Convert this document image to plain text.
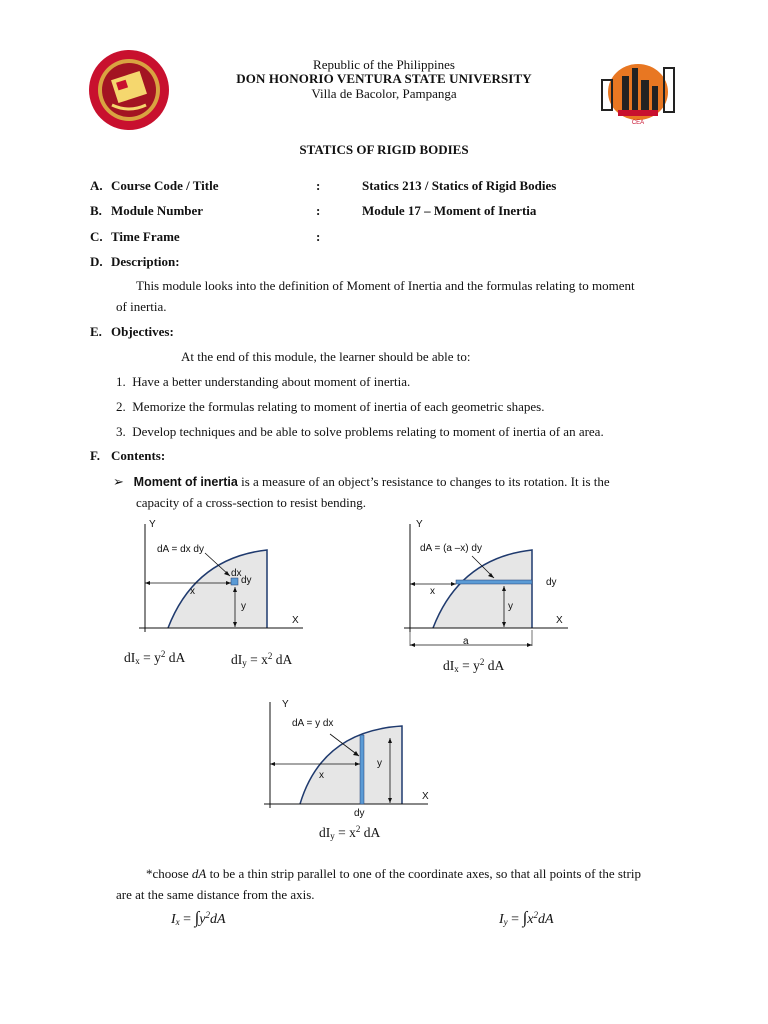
CEA
Republic of the Philippines
DON HONORIO VENTURA STATE UNIVERSITY
Villa de Bacolor, Pampanga
STATICS OF RIGID BODIES
A. Course Code / Title	:	Statics 213 / Statics of Rigid Bodies
B. Module Number	:	Module 17 – Moment of Inertia
C. Time Frame	:
D. Description:
This module looks into the definition of Moment of Inertia and the formulas relating to moment
of inertia.
E. Objectives:
At the end of this module, the learner should be able to:
1. Have a better understanding about moment of inertia.
2. Memorize the formulas relating to moment of inertia of each geometric shapes.
3. Develop techniques and be able to solve problems relating to moment of inertia of an area.
F. Contents:
➢ Moment of inertia is a measure of an object’s resistance to changes to its rotation. It is the
capacity of a cross-section to resist bending.
Y
X
dA = dx dy
dx
dy
x
y
Y
X
dA = (a –x) dy
dy
x
y
a
Y
X
dA = y dx
dy
x
y
$dI_x = y^2$ dA	$dI_y = x^2$ dA	$dI_x = y^2$ dA
$dI_y = x^2$ dA
*choose dA to be a thin strip parallel to one of the coordinate axes, so that all points of the strip
are at the same distance from the axis.
$I_x = \int y^2dA$	$I_y = \int x^2dA$
